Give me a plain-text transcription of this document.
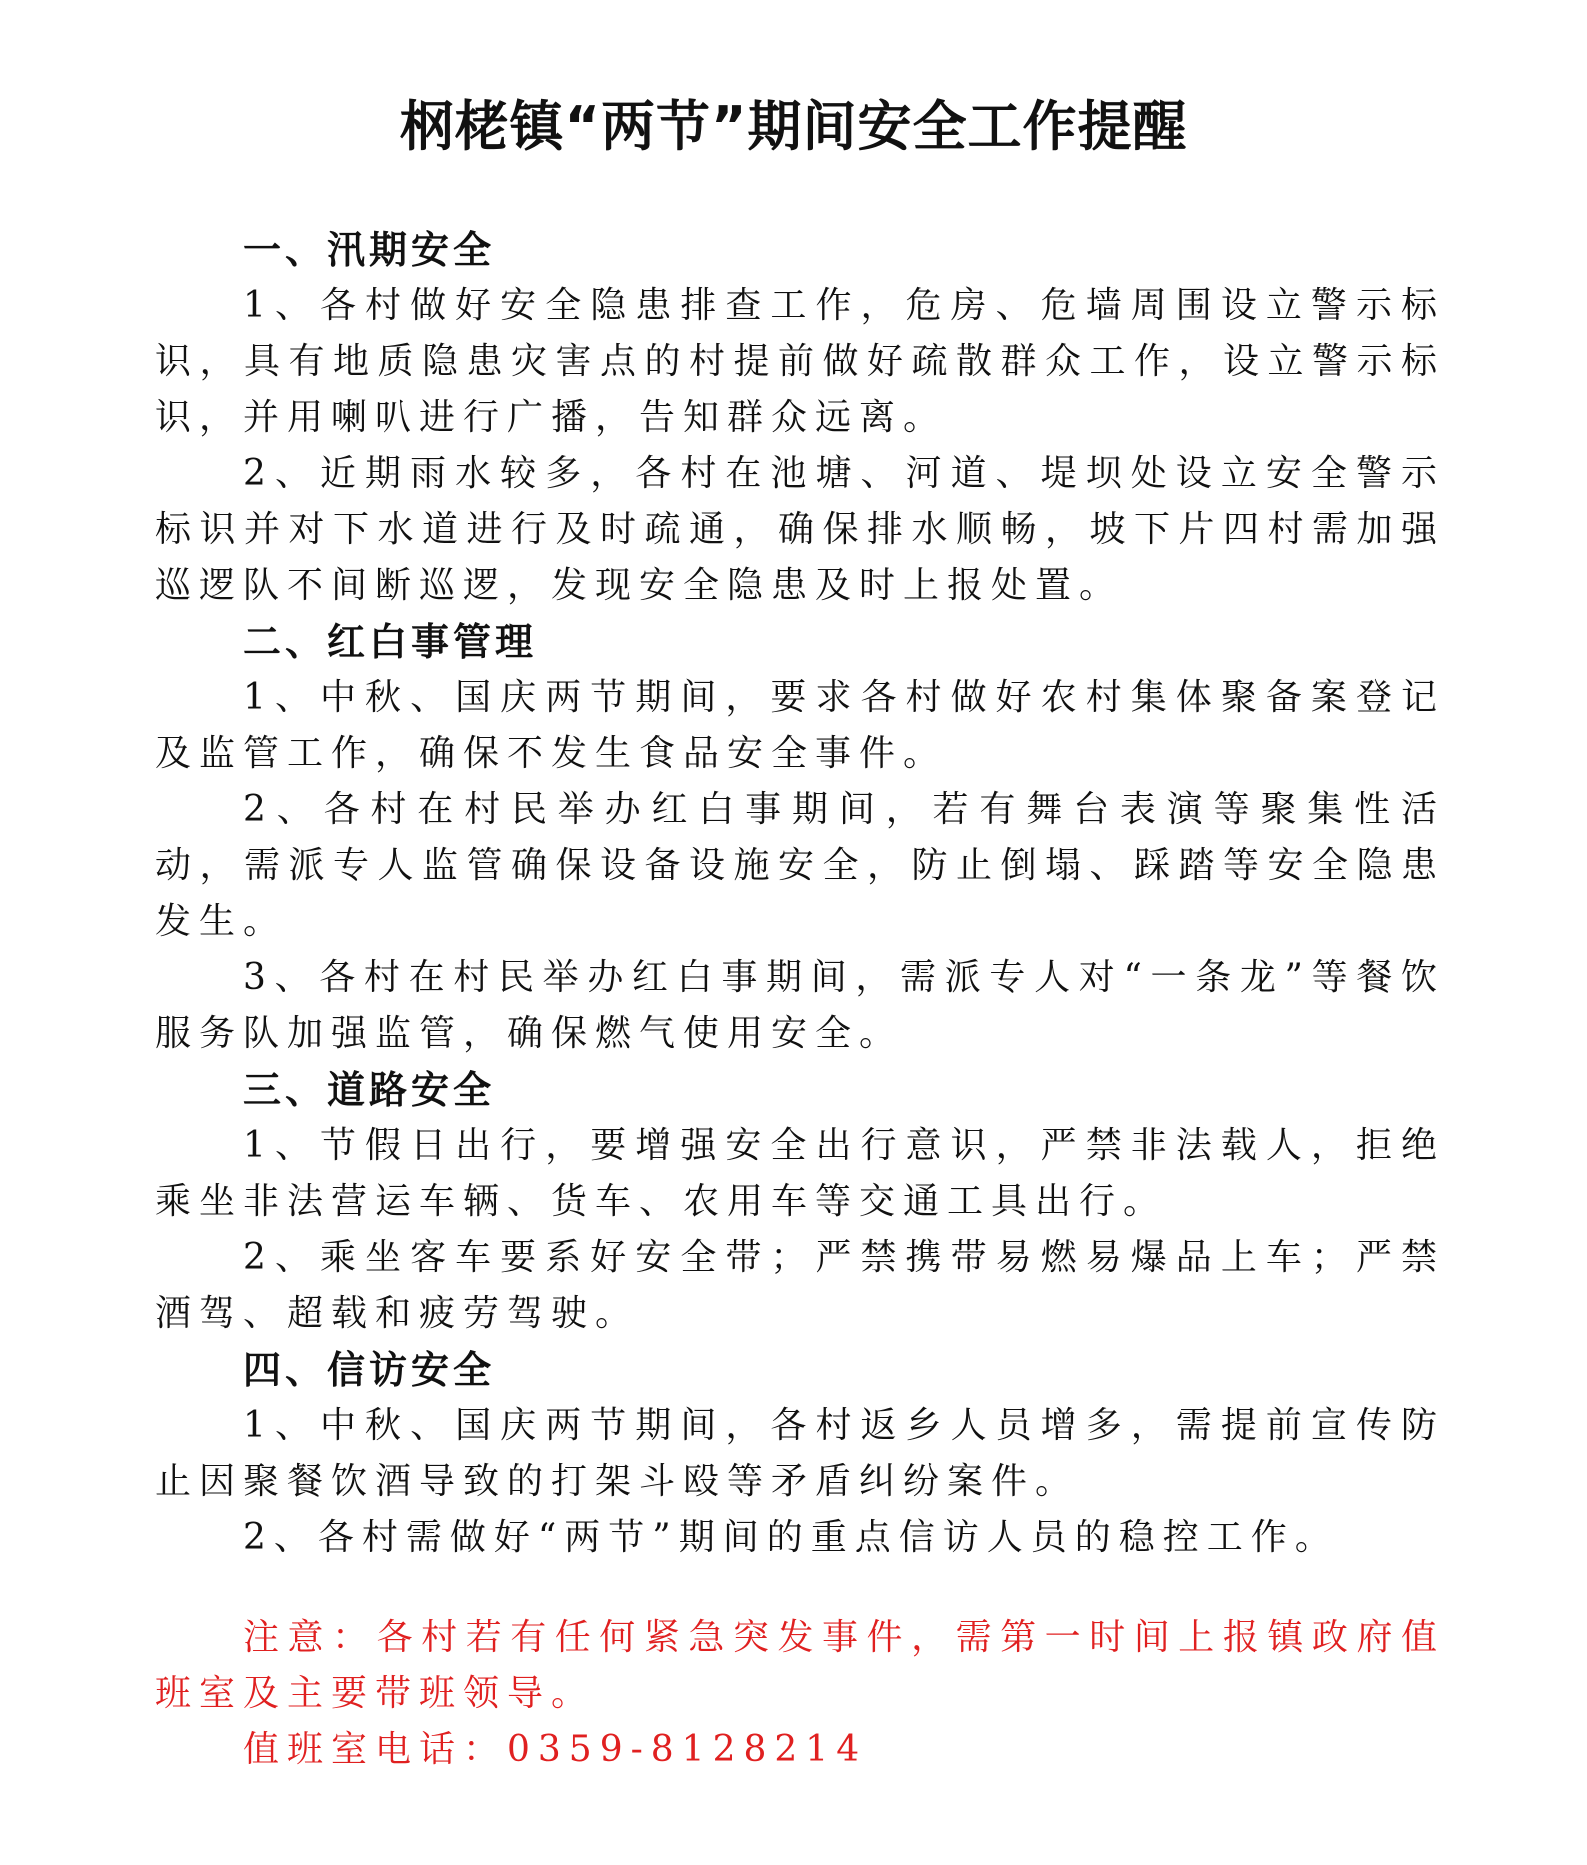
㭎栳镇“两节”期间安全工作提醒

一、汛期安全

1、各村做好安全隐患排查工作，危房、危墙周围设立警示标识，具有地质隐患灾害点的村提前做好疏散群众工作，设立警示标识，并用喇叭进行广播，告知群众远离。

2、近期雨水较多，各村在池塘、河道、堤坝处设立安全警示标识并对下水道进行及时疏通，确保排水顺畅，坡下片四村需加强巡逻队不间断巡逻，发现安全隐患及时上报处置。

二、红白事管理

1、中秋、国庆两节期间，要求各村做好农村集体聚备案登记及监管工作，确保不发生食品安全事件。

2、各村在村民举办红白事期间，若有舞台表演等聚集性活动，需派专人监管确保设备设施安全，防止倒塌、踩踏等安全隐患发生。

3、各村在村民举办红白事期间，需派专人对“一条龙”等餐饮服务队加强监管，确保燃气使用安全。

三、道路安全

1、节假日出行，要增强安全出行意识，严禁非法载人，拒绝乘坐非法营运车辆、货车、农用车等交通工具出行。

2、乘坐客车要系好安全带；严禁携带易燃易爆品上车；严禁酒驾、超载和疲劳驾驶。

四、信访安全

1、中秋、国庆两节期间，各村返乡人员增多，需提前宣传防止因聚餐饮酒导致的打架斗殴等矛盾纠纷案件。

2、各村需做好“两节”期间的重点信访人员的稳控工作。

注意：各村若有任何紧急突发事件，需第一时间上报镇政府值班室及主要带班领导。

值班室电话：0359-8128214
